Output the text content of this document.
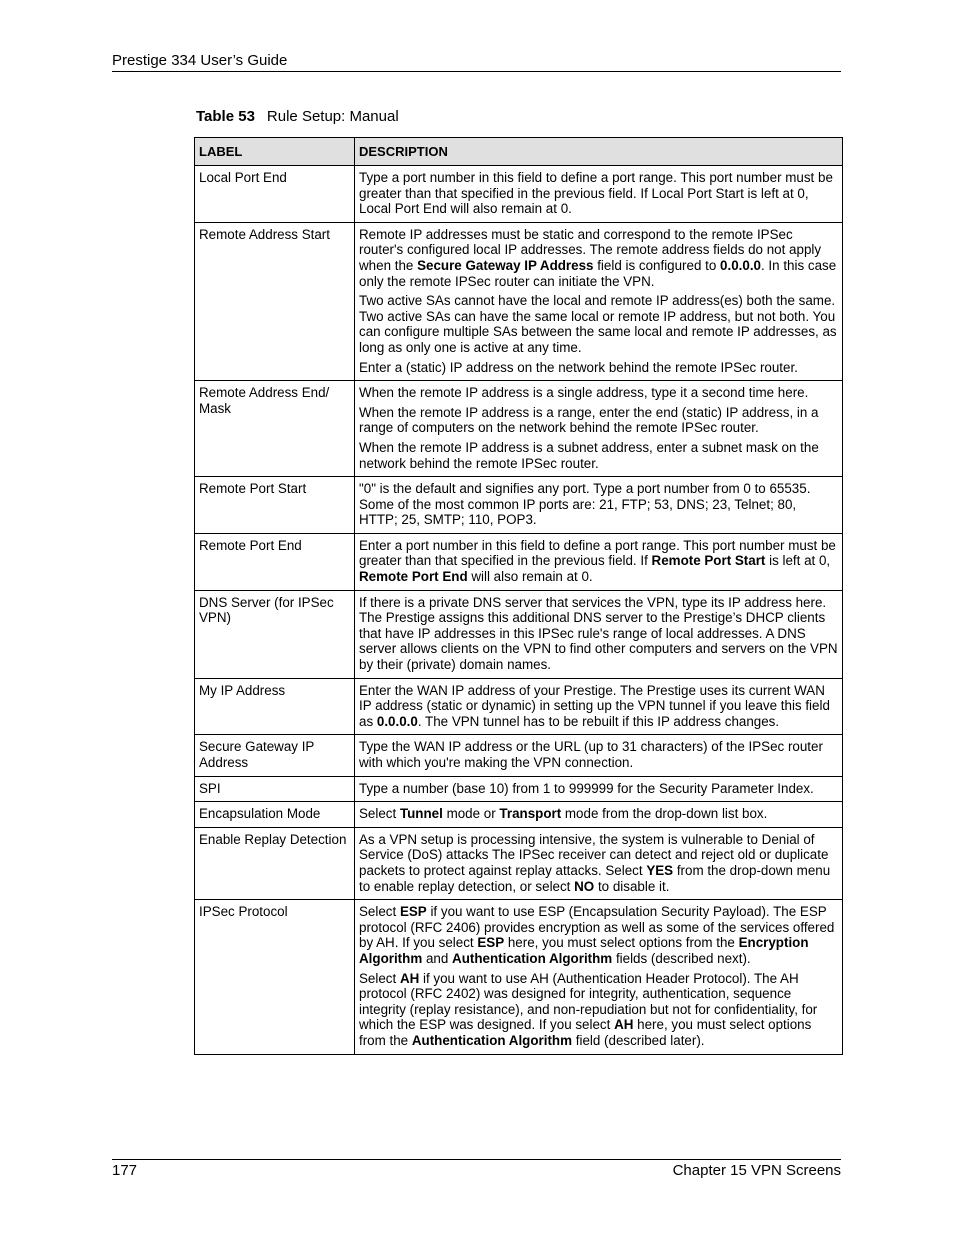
Prestige 334 User’s Guide
Table 53 Rule Setup: Manual
LABEL	DESCRIPTION
Local Port End	Type a port number in this field to define a port range. This port number must be greater than that specified in the previous field. If Local Port Start is left at 0, Local Port End will also remain at 0.

Remote Address Start	Remote IP addresses must be static and correspond to the remote IPSec router's configured local IP addresses. The remote address fields do not apply when the Secure Gateway IP Address field is configured to 0.0.0.0. In this case only the remote IPSec router can initiate the VPN.

Two active SAs cannot have the local and remote IP address(es) both the same. Two active SAs can have the same local or remote IP address, but not both. You can configure multiple SAs between the same local and remote IP addresses, as long as only one is active at any time.

Enter a (static) IP address on the network behind the remote IPSec router.

Remote Address End/ Mask	When the remote IP address is a single address, type it a second time here.

When the remote IP address is a range, enter the end (static) IP address, in a range of computers on the network behind the remote IPSec router.

When the remote IP address is a subnet address, enter a subnet mask on the network behind the remote IPSec router.

Remote Port Start	"0" is the default and signifies any port. Type a port number from 0 to 65535. Some of the most common IP ports are: 21, FTP; 53, DNS; 23, Telnet; 80, HTTP; 25, SMTP; 110, POP3.

Remote Port End	Enter a port number in this field to define a port range. This port number must be greater than that specified in the previous field. If Remote Port Start is left at 0, Remote Port End will also remain at 0.

DNS Server (for IPSec VPN)	If there is a private DNS server that services the VPN, type its IP address here. The Prestige assigns this additional DNS server to the Prestige’s DHCP clients that have IP addresses in this IPSec rule's range of local addresses. A DNS server allows clients on the VPN to find other computers and servers on the VPN by their (private) domain names.

My IP Address	Enter the WAN IP address of your Prestige. The Prestige uses its current WAN IP address (static or dynamic) in setting up the VPN tunnel if you leave this field as 0.0.0.0. The VPN tunnel has to be rebuilt if this IP address changes.

Secure Gateway IP Address	Type the WAN IP address or the URL (up to 31 characters) of the IPSec router with which you're making the VPN connection.

SPI	Type a number (base 10) from 1 to 999999 for the Security Parameter Index.

Encapsulation Mode	Select Tunnel mode or Transport mode from the drop-down list box.

Enable Replay Detection	As a VPN setup is processing intensive, the system is vulnerable to Denial of Service (DoS) attacks The IPSec receiver can detect and reject old or duplicate packets to protect against replay attacks. Select YES from the drop-down menu to enable replay detection, or select NO to disable it.

IPSec Protocol	Select ESP if you want to use ESP (Encapsulation Security Payload). The ESP protocol (RFC 2406) provides encryption as well as some of the services offered by AH. If you select ESP here, you must select options from the Encryption Algorithm and Authentication Algorithm fields (described next).

Select AH if you want to use AH (Authentication Header Protocol). The AH protocol (RFC 2402) was designed for integrity, authentication, sequence integrity (replay resistance), and non-repudiation but not for confidentiality, for which the ESP was designed. If you select AH here, you must select options from the Authentication Algorithm field (described later).

177	Chapter 15 VPN Screens
